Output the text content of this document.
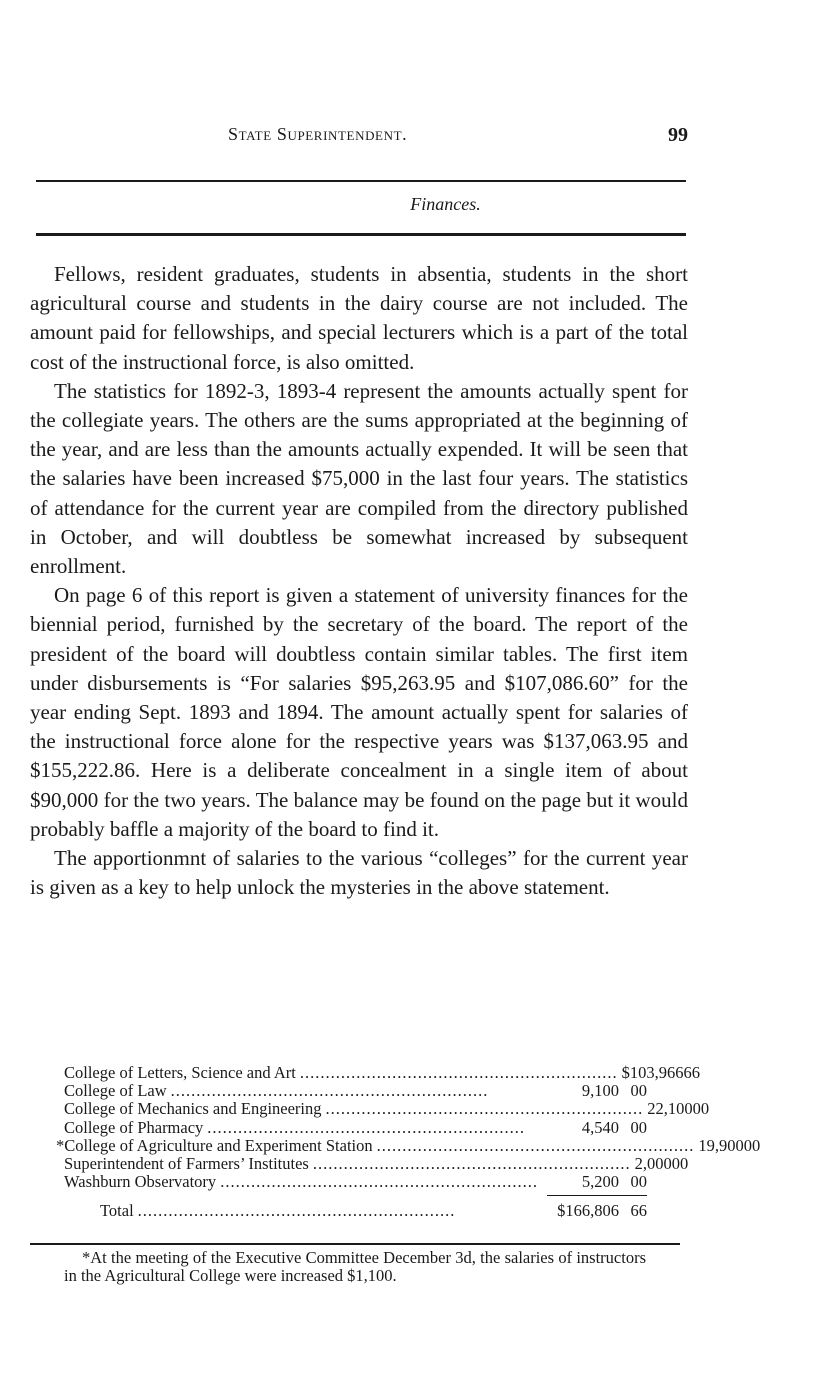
State Superintendent.	99
Finances.

Fellows, resident graduates, students in absentia, students in the short agricultural course and students in the dairy course are not included. The amount paid for fellowships, and special lecturers which is a part of the total cost of the instructional force, is also omitted.

The statistics for 1892-3, 1893-4 represent the amounts actually spent for the collegiate years. The others are the sums appropriated at the beginning of the year, and are less than the amounts actually expended. It will be seen that the salaries have been increased $75,000 in the last four years. The statistics of attendance for the current year are compiled from the directory published in October, and will doubtless be somewhat increased by subsequent enrollment.

On page 6 of this report is given a statement of university finances for the biennial period, furnished by the secretary of the board. The report of the president of the board will doubtless contain similar tables. The first item under disbursements is “For salaries $95,263.95 and $107,086.60” for the year ending Sept. 1893 and 1894. The amount actually spent for salaries of the instructional force alone for the respective years was $137,063.95 and $155,222.86. Here is a deliberate concealment in a single item of about $90,000 for the two years. The balance may be found on the page but it would probably baffle a majority of the board to find it.

The apportionmnt of salaries to the various “colleges” for the current year is given as a key to help unlock the mysteries in the above statement.

College of Letters, Science and Art .............................................................. $103,966 66
College of Law ..............................................................	9,100 00
College of Mechanics and Engineering .............................................................. 22,100 00
College of Pharmacy ..............................................................	4,540 00
*College of Agriculture and Experiment Station .............................................................. 19,900 00
Superintendent of Farmers’ Institutes .............................................................. 2,000 00
Washburn Observatory ..............................................................	5,200 00
Total ..............................................................	$166,806 66
*At the meeting of the Executive Committee December 3d, the salaries of instructors in the Agricultural College were increased $1,100.
